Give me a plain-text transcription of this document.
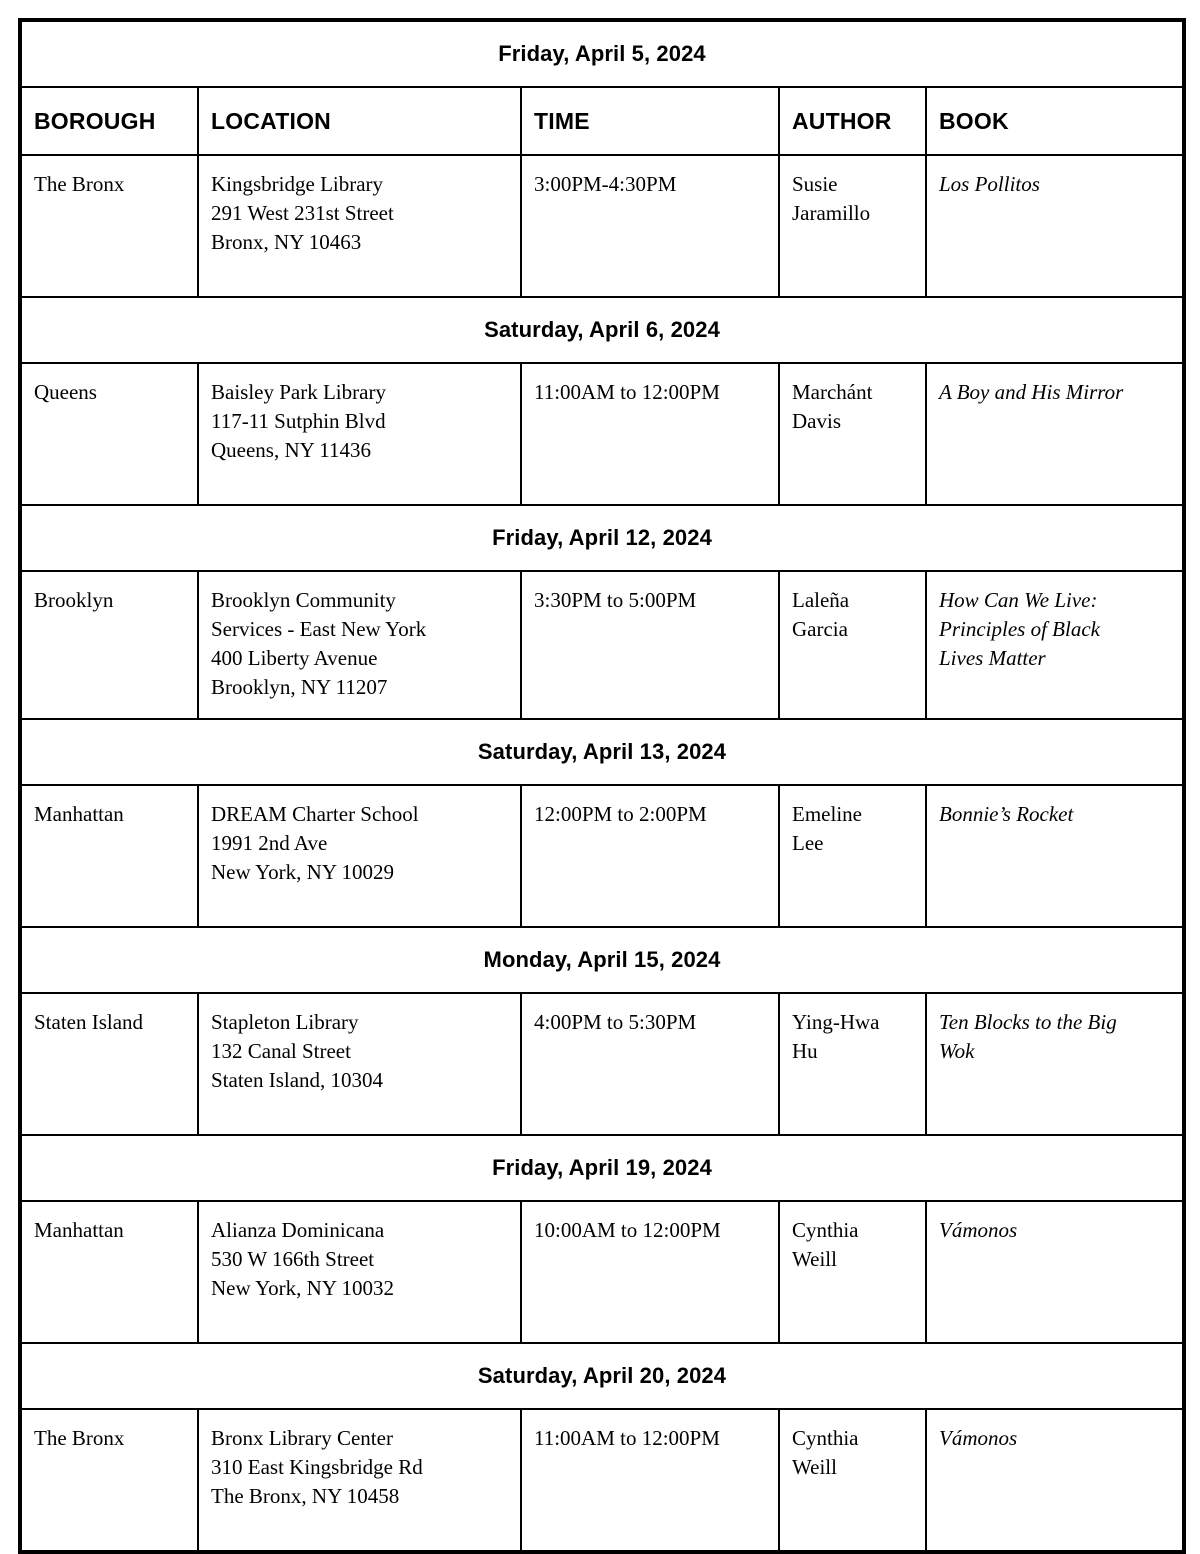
Friday, April 5, 2024				
BOROUGH	LOCATION	TIME	AUTHOR	BOOK

The Bronx	Kingsbridge Library
291 West 231st Street
Bronx, NY 10463	3:00PM-4:30PM	Susie
Jaramillo	Los Pollitos

Saturday, April 6, 2024				

Queens	Baisley Park Library
117-11 Sutphin Blvd
Queens, NY 11436	11:00AM to 12:00PM	Marchánt
Davis	A Boy and His Mirror

Friday, April 12, 2024				

Brooklyn	Brooklyn Community
Services - East New York
400 Liberty Avenue
Brooklyn, NY 11207	3:30PM to 5:00PM	Laleña
Garcia	How Can We Live:
Principles of Black
Lives Matter

Saturday, April 13, 2024				

Manhattan	DREAM Charter School
1991 2nd Ave
New York, NY 10029	12:00PM to 2:00PM	Emeline
Lee	Bonnie’s Rocket

Monday, April 15, 2024				

Staten Island	Stapleton Library
132 Canal Street
Staten Island, 10304	4:00PM to 5:30PM	Ying-Hwa
Hu	Ten Blocks to the Big
Wok

Friday, April 19, 2024				

Manhattan	Alianza Dominicana
530 W 166th Street
New York, NY 10032	10:00AM to 12:00PM	Cynthia
Weill	Vámonos

Saturday, April 20, 2024				

The Bronx	Bronx Library Center
310 East Kingsbridge Rd
The Bronx, NY 10458	11:00AM to 12:00PM	Cynthia
Weill	Vámonos
